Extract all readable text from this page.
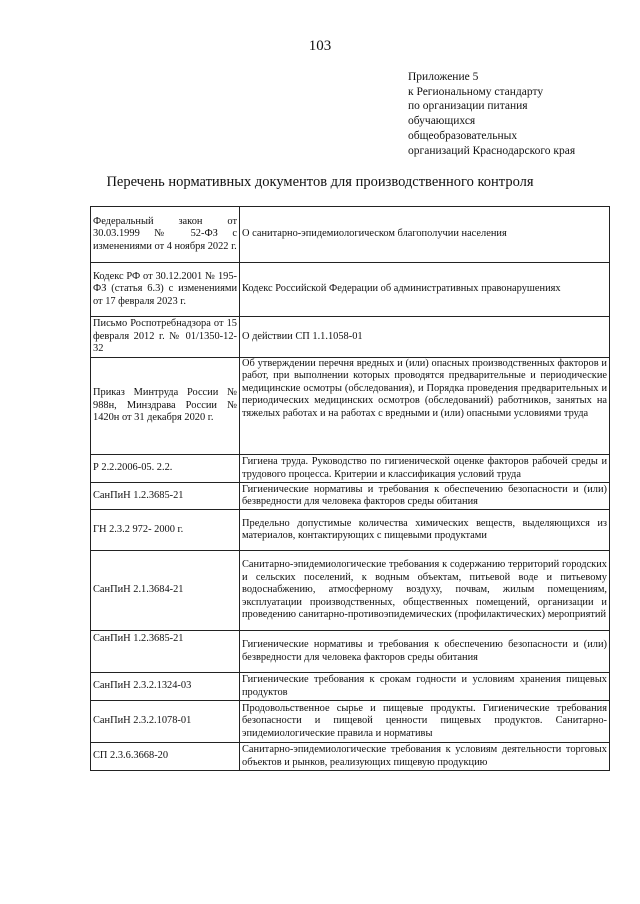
103
Приложение 5
к Региональному стандарту
по организации питания
обучающихся
общеобразовательных
организаций Краснодарского края
Перечень нормативных документов для производственного контроля
Федеральный закон от 30.03.1999 № 52-ФЗ с изменениями от 4 ноября 2022 г.	О санитарно-эпидемиологическом благополучии населения
Кодекс РФ от 30.12.2001 № 195-ФЗ (статья 6.3) с изменениями от 17 февраля 2023 г.	Кодекс Российской Федерации об административных правонарушениях
Письмо Роспотребнадзора от 15 февраля 2012 г. № 01/1350-12-32	О действии СП 1.1.1058-01
Приказ Минтруда России № 988н, Минздрава России № 1420н от 31 декабря 2020 г.	Об утверждении перечня вредных и (или) опасных производственных факторов и работ, при выполнении которых проводятся предварительные и периодические медицинские осмотры (обследования), и Порядка проведения предварительных и периодических медицинских осмотров (обследований) работников, занятых на тяжелых работах и на работах с вредными и (или) опасными условиями труда
Р 2.2.2006-05. 2.2.	Гигиена труда. Руководство по гигиенической оценке факторов рабочей среды и трудового процесса. Критерии и классификация условий труда
СанПиН 1.2.3685-21	Гигиенические нормативы и требования к обеспечению безопасности и (или) безвредности для человека факторов среды обитания
ГН 2.3.2 972- 2000 г.	Предельно допустимые количества химических веществ, выделяющихся из материалов, контактирующих с пищевыми продуктами
СанПиН 2.1.3684-21	Санитарно-эпидемиологические требования к содержанию территорий городских и сельских поселений, к водным объектам, питьевой воде и питьевому водоснабжению, атмосферному воздуху, почвам, жилым помещениям, эксплуатации производственных, общественных помещений, организации и проведению санитарно-противоэпидемических (профилактических) мероприятий
СанПиН 1.2.3685-21	Гигиенические нормативы и требования к обеспечению безопасности и (или) безвредности для человека факторов среды обитания
СанПиН 2.3.2.1324-03	Гигиенические требования к срокам годности и условиям хранения пищевых продуктов
СанПиН 2.3.2.1078-01	Продовольственное сырье и пищевые продукты. Гигиенические требования безопасности и пищевой ценности пищевых продуктов. Санитарно-эпидемиологические правила и нормативы
СП 2.3.6.3668-20	Санитарно-эпидемиологические требования к условиям деятельности торговых объектов и рынков, реализующих пищевую продукцию
